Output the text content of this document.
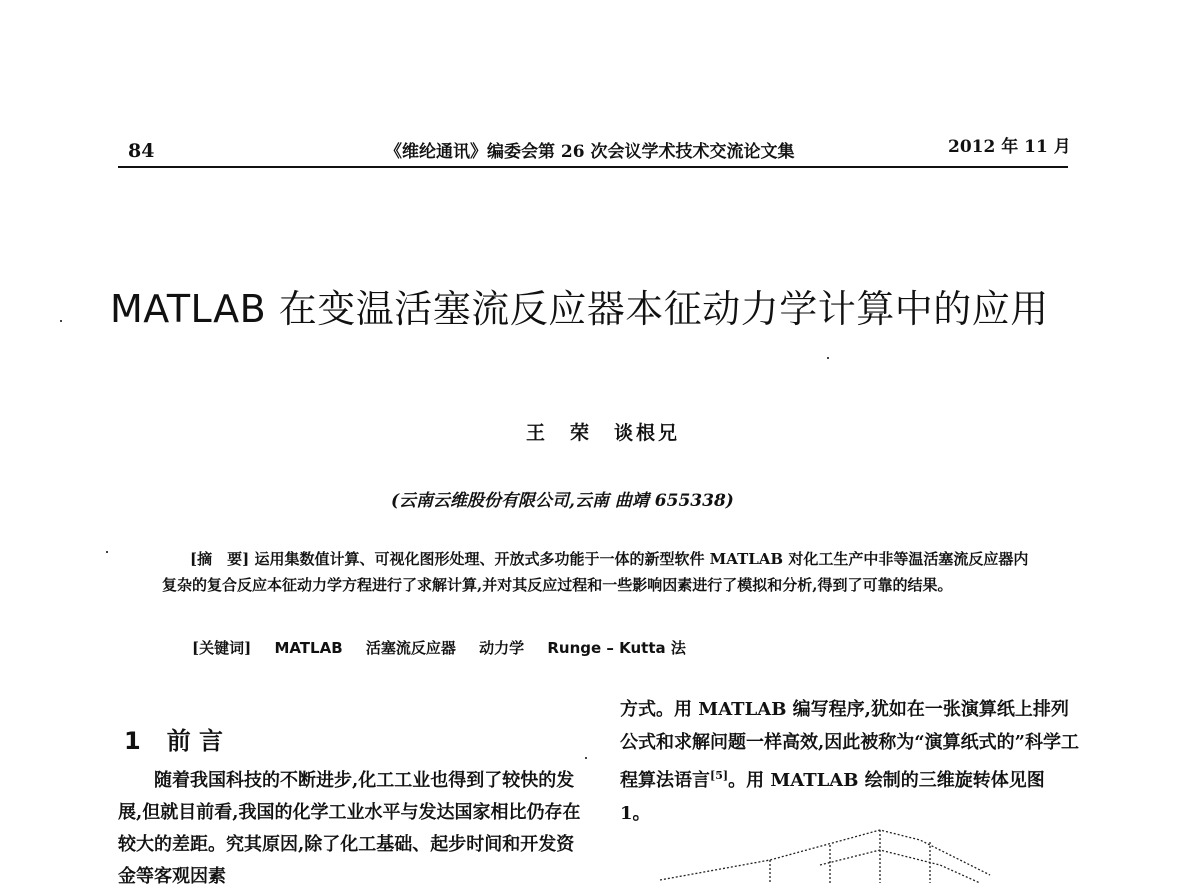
84	《维纶通讯》编委会第 26 次会议学术技术交流论文集	2012 年 11 月
MATLAB 在变温活塞流反应器本征动力学计算中的应用
王　荣　谈根兄
(云南云维股份有限公司,云南 曲靖 655338)

[摘　要] 运用集数值计算、可视化图形处理、开放式多功能于一体的新型软件 MATLAB 对化工生产中非等温活塞流反应器内复杂的复合反应本征动力学方程进行了求解计算,并对其反应过程和一些影响因素进行了模拟和分析,得到了可靠的结果。

[关键词] MATLAB 活塞流反应器 动力学 Runge – Kutta 法
1 前 言

随着我国科技的不断进步,化工工业也得到了较快的发展,但就目前看,我国的化学工业水平与发达国家相比仍存在较大的差距。究其原因,除了化工基础、起步时间和开发资金等客观因素

方式。用 MATLAB 编写程序,犹如在一张演算纸上排列公式和求解问题一样高效,因此被称为“演算纸式的”科学工程算法语言[5]。用 MATLAB 绘制的三维旋转体见图 1。
